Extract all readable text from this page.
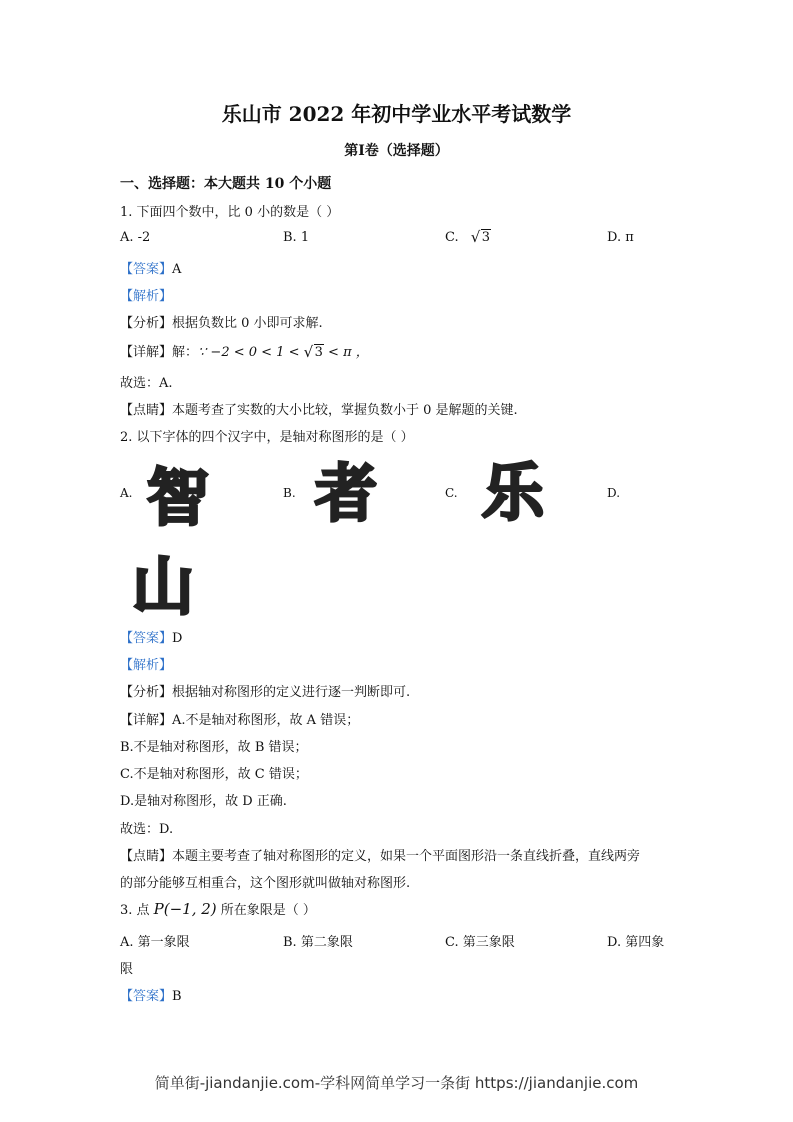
乐山市 2022 年初中学业水平考试数学
第Ⅰ卷（选择题）
一、选择题：本大题共 10 个小题
1. 下面四个数中，比 0 小的数是（ ）
A. -2	B. 1	C. √ 3	D. π
【答案】A
【解析】
【分析】根据负数比 0 小即可求解.
【详解】解：∵ −2 < 0 < 1 < √ 3 < π ，
故选：A.
【点睛】本题考查了实数的大小比较，掌握负数小于 0 是解题的关键.
2. 以下字体的四个汉字中，是轴对称图形的是（ ）
A.	B.	C.	D.
智 者 乐
山
【答案】D
【解析】
【分析】根据轴对称图形的定义进行逐一判断即可.
【详解】A.不是轴对称图形，故 A 错误；
B.不是轴对称图形，故 B 错误；
C.不是轴对称图形，故 C 错误；
D.是轴对称图形，故 D 正确.
故选：D.
【点睛】本题主要考查了轴对称图形的定义，如果一个平面图形沿一条直线折叠，直线两旁
的部分能够互相重合，这个图形就叫做轴对称图形.
3. 点 P(−1, 2) 所在象限是（ ）
A. 第一象限	B. 第二象限	C. 第三象限	D. 第四象
限
【答案】B
简单街-jiandanjie.com-学科网简单学习一条街 https://jiandanjie.com
